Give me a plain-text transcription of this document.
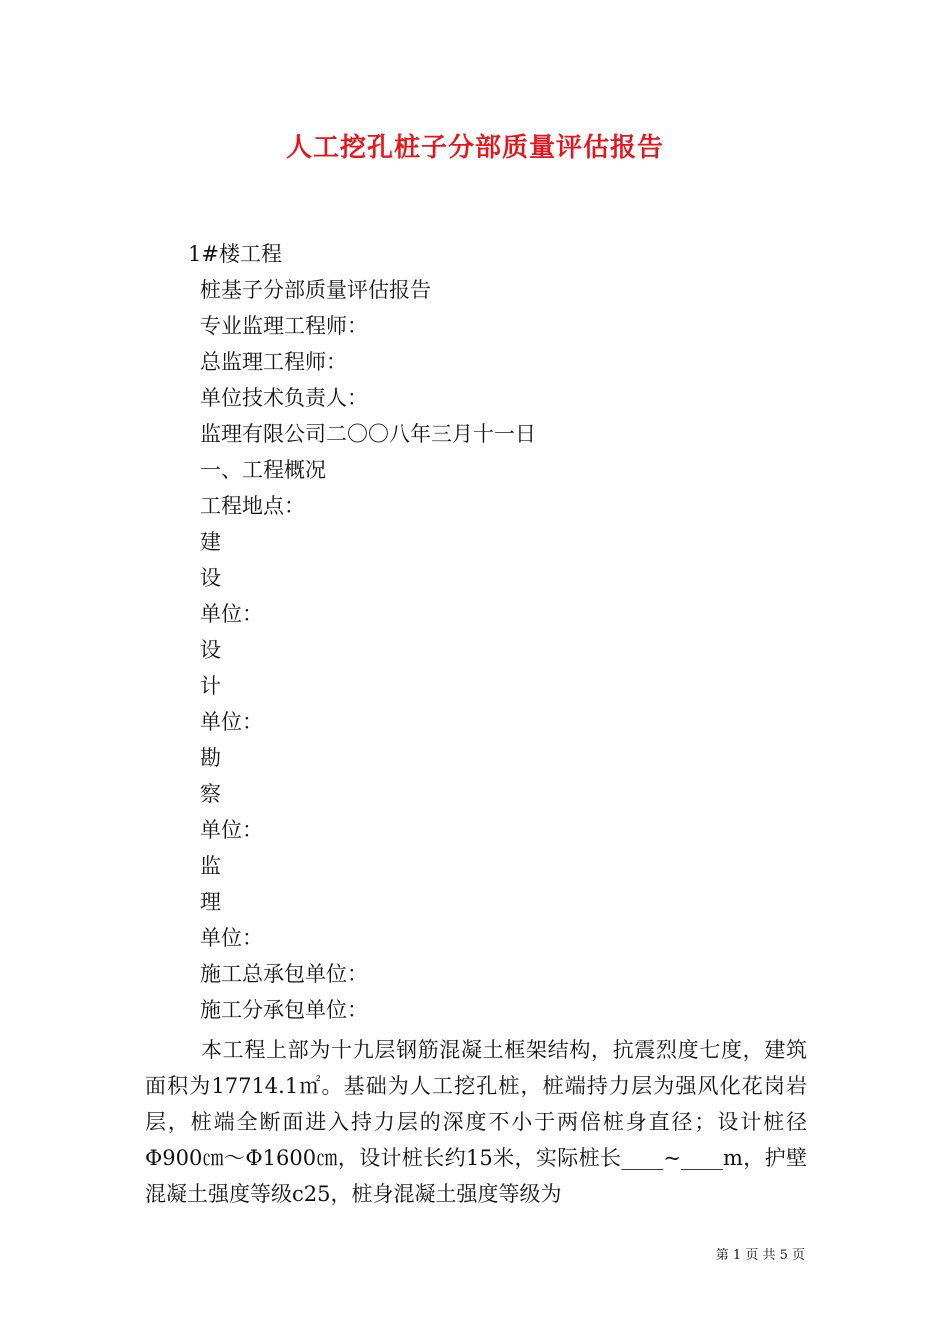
人工挖孔桩子分部质量评估报告
1#楼工程
桩基子分部质量评估报告
专业监理工程师：
总监理工程师：
单位技术负责人：
监理有限公司二〇〇八年三月十一日
一、工程概况
工程地点：
建
设
单位：
设
计
单位：
勘
察
单位：
监
理
单位：
施工总承包单位：
施工分承包单位：
本工程上部为十九层钢筋混凝土框架结构，抗震烈度七度，建筑面积为17714.1㎡。基础为人工挖孔桩，桩端持力层为强风化花岗岩层，桩端全断面进入持力层的深度不小于两倍桩身直径；设计桩径 Φ900㎝～Φ1600㎝，设计桩长约15米，实际桩长____~____m，护壁混凝土强度等级c25，桩身混凝土强度等级为
第 1 页 共 5 页
